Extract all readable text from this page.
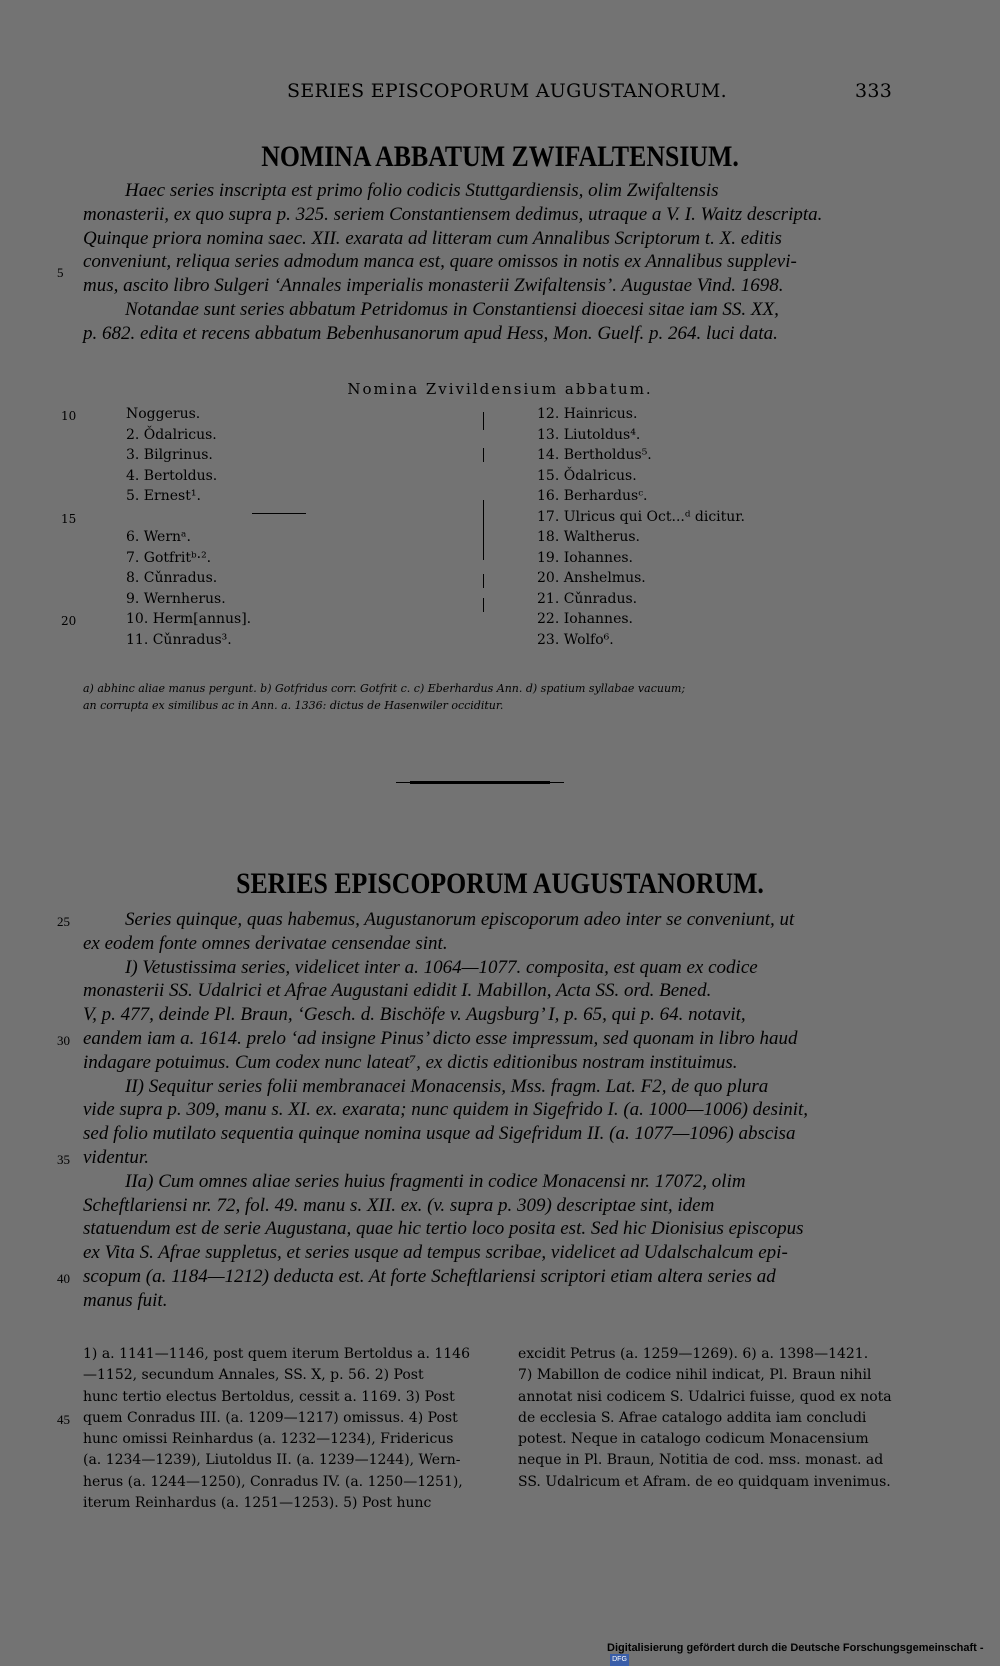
SERIES EPISCOPORUM AUGUSTANORUM.	333
NOMINA ABBATUM ZWIFALTENSIUM.
Haec series inscripta est primo folio codicis Stuttgardiensis, olim Zwifaltensis
monasterii, ex quo supra p. 325. seriem Constantiensem dedimus, utraque a V. I. Waitz descripta.
Quinque priora nomina saec. XII. exarata ad litteram cum Annalibus Scriptorum t. X. editis
conveniunt, reliqua series admodum manca est, quare omissos in notis ex Annalibus supplevi-
mus, ascito libro Sulgeri ‘Annales imperialis monasterii Zwifaltensis’. Augustae Vind. 1698.
Notandae sunt series abbatum Petridomus in Constantiensi dioecesi sitae iam SS. XX,
p. 682. edita et recens abbatum Bebenhusanorum apud Hess, Mon. Guelf. p. 264. luci data.
5
Nomina Zvivildensium abbatum.
10
15
20
Noggerus.
2. Ǒdalricus.
3. Bilgrinus.
4. Bertoldus.
5. Ernest¹.

6. Wernᵃ.
7. Gotfritᵇ·².
8. Cǔnradus.
9. Wernherus.
10. Herm[annus].
11. Cǔnradus³.
12. Hainricus.
13. Liutoldus⁴.
14. Bertholdus⁵.
15. Ǒdalricus.
16. Berhardusᶜ.
17. Ulricus qui Oct...ᵈ dicitur.
18. Waltherus.
19. Iohannes.
20. Anshelmus.
21. Cǔnradus.
22. Iohannes.
23. Wolfo⁶.
a) abhinc aliae manus pergunt. b) Gotfridus corr. Gotfrit c. c) Eberhardus Ann. d) spatium syllabae vacuum;
an corrupta ex similibus ac in Ann. a. 1336: dictus de Hasenwiler occiditur.
SERIES EPISCOPORUM AUGUSTANORUM.
Series quinque, quas habemus, Augustanorum episcoporum adeo inter se conveniunt, ut
ex eodem fonte omnes derivatae censendae sint.
I) Vetustissima series, videlicet inter a. 1064—1077. composita, est quam ex codice
monasterii SS. Udalrici et Afrae Augustani edidit I. Mabillon, Acta SS. ord. Bened.
V, p. 477, deinde Pl. Braun, ‘Gesch. d. Bischöfe v. Augsburg’ I, p. 65, qui p. 64. notavit,
eandem iam a. 1614. prelo ‘ad insigne Pinus’ dicto esse impressum, sed quonam in libro haud
indagare potuimus. Cum codex nunc lateat⁷, ex dictis editionibus nostram instituimus.
II) Sequitur series folii membranacei Monacensis, Mss. fragm. Lat. F2, de quo plura
vide supra p. 309, manu s. XI. ex. exarata; nunc quidem in Sigefrido I. (a. 1000—1006) desinit,
sed folio mutilato sequentia quinque nomina usque ad Sigefridum II. (a. 1077—1096) abscisa
videntur.
IIa) Cum omnes aliae series huius fragmenti in codice Monacensi nr. 17072, olim
Scheftlariensi nr. 72, fol. 49. manu s. XII. ex. (v. supra p. 309) descriptae sint, idem
statuendum est de serie Augustana, quae hic tertio loco posita est. Sed hic Dionisius episcopus
ex Vita S. Afrae suppletus, et series usque ad tempus scribae, videlicet ad Udalschalcum epi-
scopum (a. 1184—1212) deducta est. At forte Scheftlariensi scriptori etiam altera series ad
manus fuit.
25
30
35
40
1) a. 1141—1146, post quem iterum Bertoldus a. 1146
—1152, secundum Annales, SS. X, p. 56. 2) Post
hunc tertio electus Bertoldus, cessit a. 1169. 3) Post
quem Conradus III. (a. 1209—1217) omissus. 4) Post
hunc omissi Reinhardus (a. 1232—1234), Fridericus
(a. 1234—1239), Liutoldus II. (a. 1239—1244), Wern-
herus (a. 1244—1250), Conradus IV. (a. 1250—1251),
iterum Reinhardus (a. 1251—1253). 5) Post hunc
45
excidit Petrus (a. 1259—1269). 6) a. 1398—1421.
7) Mabillon de codice nihil indicat, Pl. Braun nihil
annotat nisi codicem S. Udalrici fuisse, quod ex nota
de ecclesia S. Afrae catalogo addita iam concludi
potest. Neque in catalogo codicum Monacensium
neque in Pl. Braun, Notitia de cod. mss. monast. ad
SS. Udalricum et Afram. de eo quidquam invenimus.
Digitalisierung gefördert durch die Deutsche Forschungsgemeinschaft -DFG
